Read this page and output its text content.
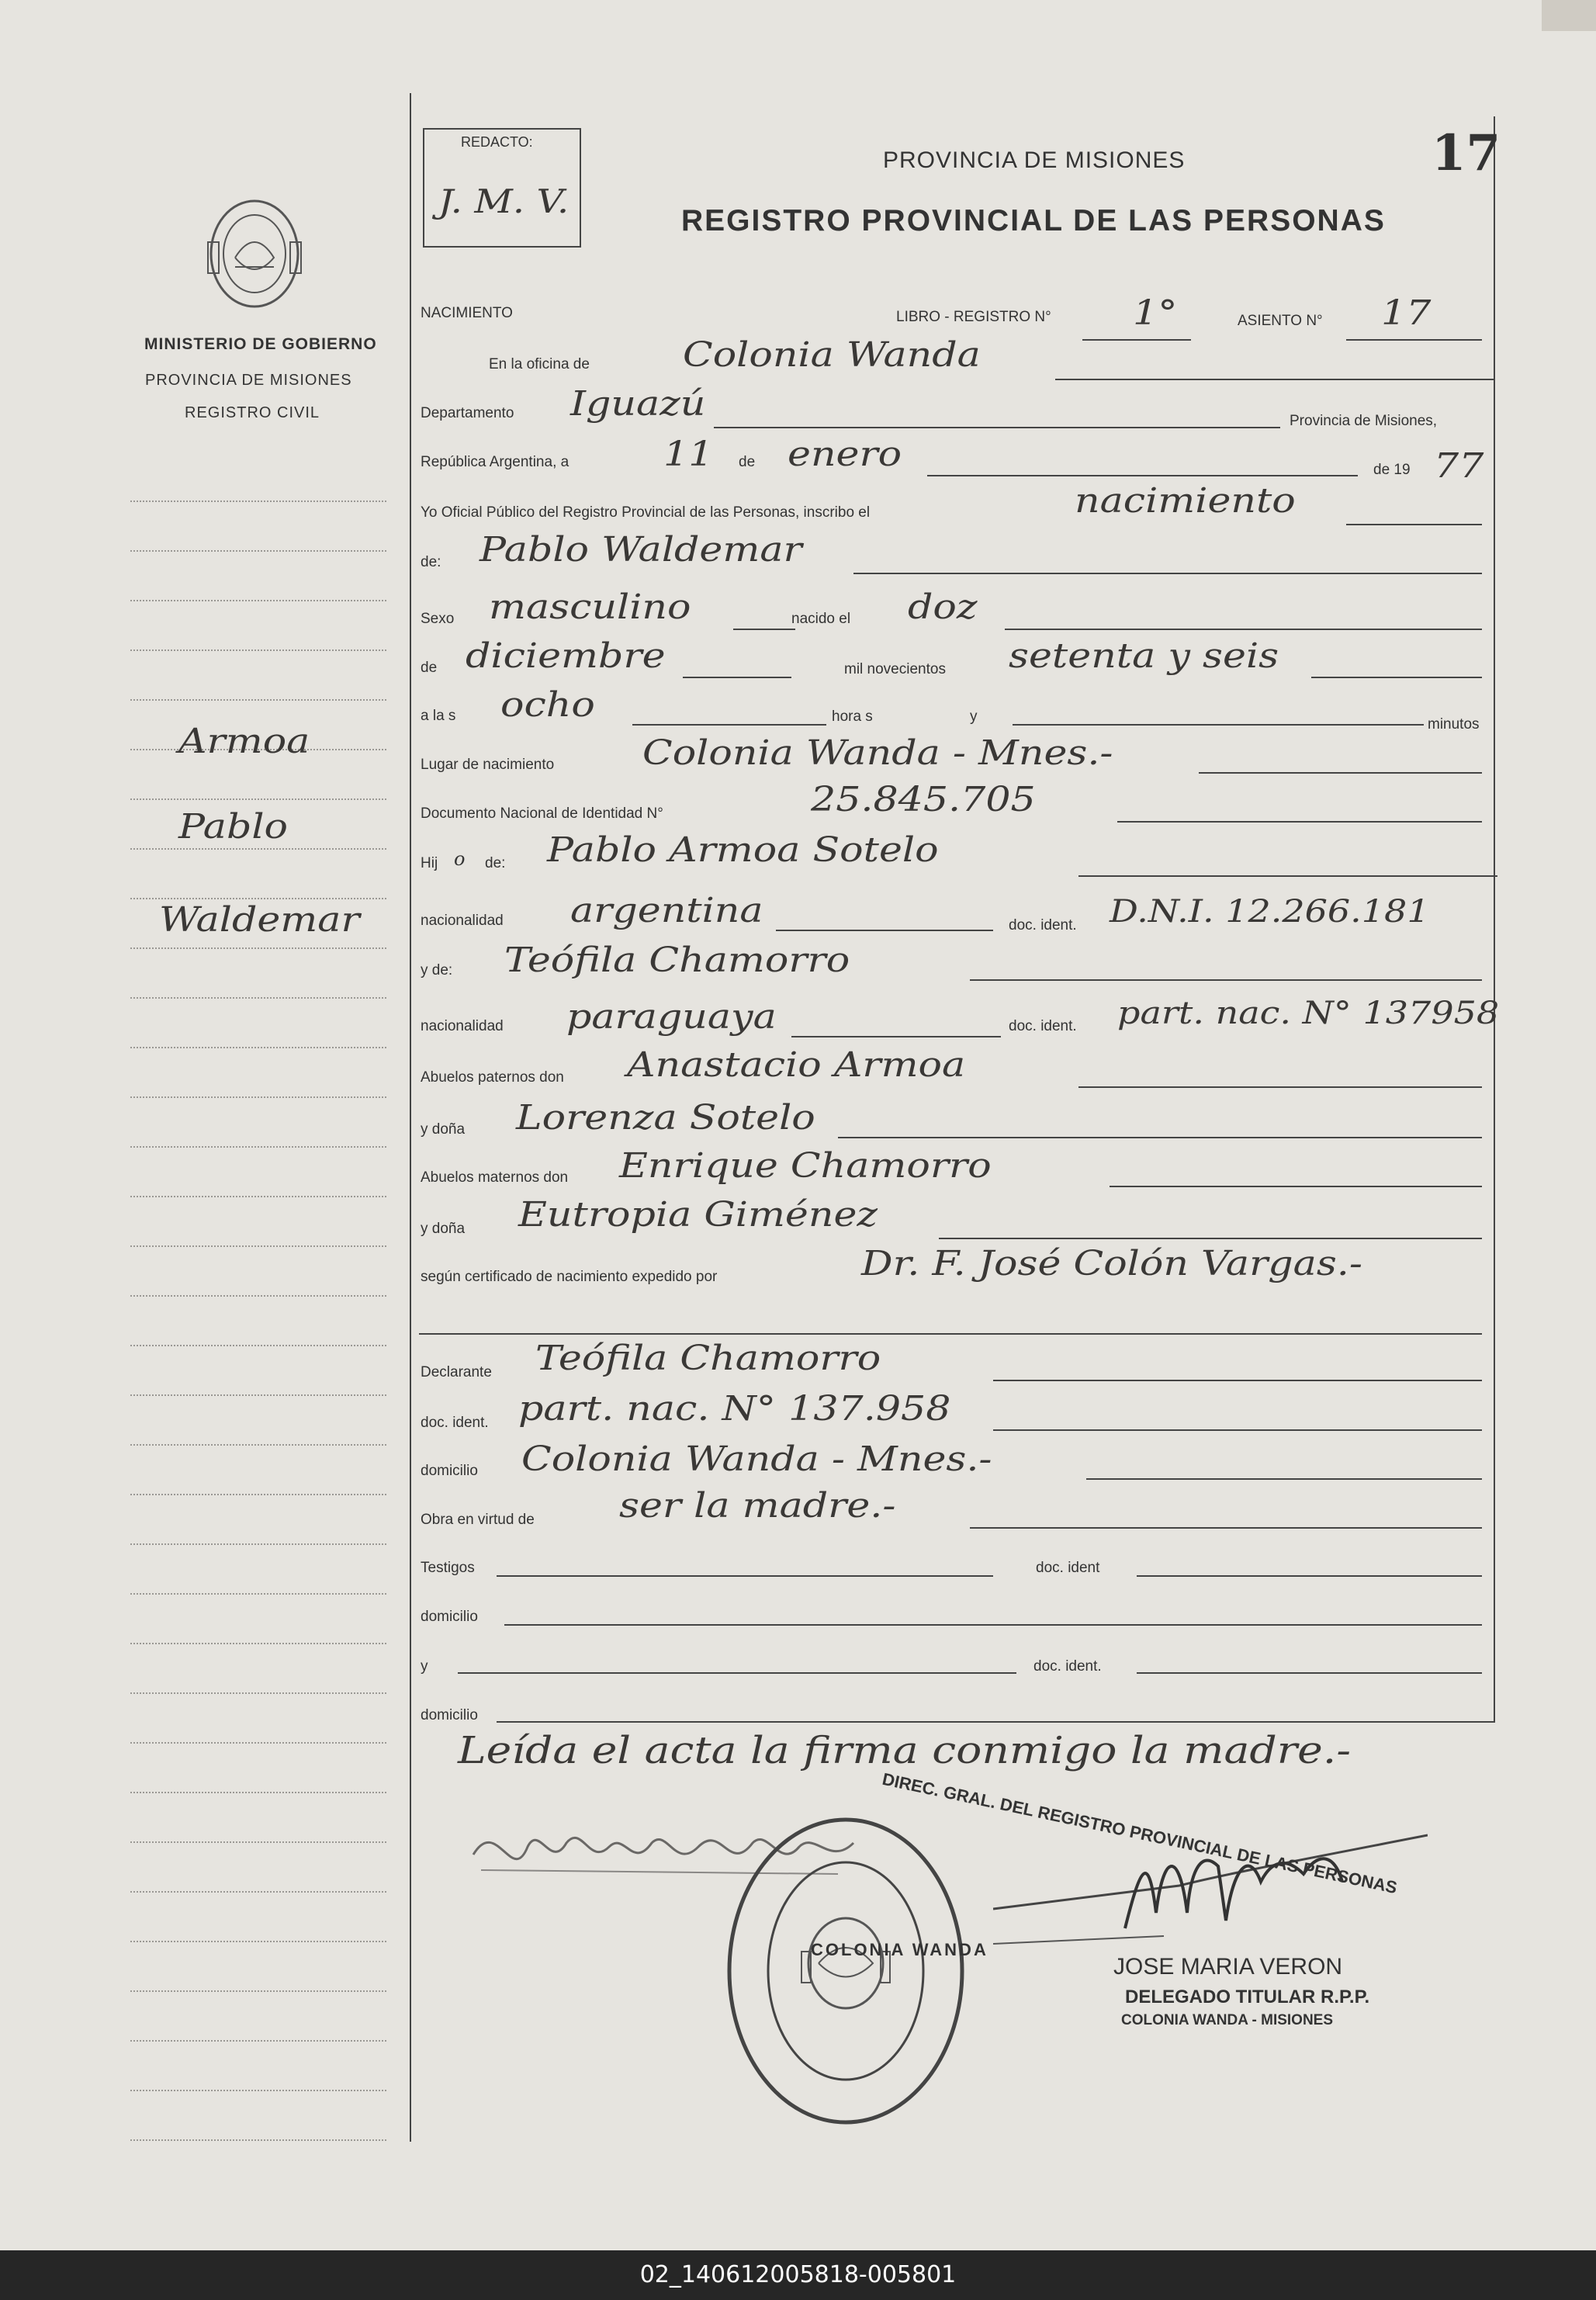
MINISTERIO DE GOBIERNO
PROVINCIA DE MISIONES
REGISTRO CIVIL
Armoa
Pablo
Waldemar
REDACTO:
J. M. V.
PROVINCIA DE MISIONES
REGISTRO PROVINCIAL DE LAS PERSONAS
17
NACIMIENTO	LIBRO - REGISTRO N° 1°	ASIENTO N° 17
En la oficina de	Colonia Wanda
Departamento Iguazú	Provincia de Misiones,
República Argentina, a	11 de enero	de 19 77
Yo Oficial Público del Registro Provincial de las Personas, inscribo el	nacimiento
de: Pablo Waldemar
Sexo masculino	nacido el doz
de diciembre	mil novecientos setenta y seis
a la s ocho	hora s	y	minutos
Lugar de nacimiento	Colonia Wanda - Mnes.-
Documento Nacional de Identidad N°	25.845.705
Hij o de: Pablo Armoa Sotelo
nacionalidad argentina	doc. ident. D.N.I. 12.266.181
y de: Teófila Chamorro
nacionalidad paraguaya	doc. ident. part. nac. N° 137958
Abuelos paternos don Anastacio Armoa
y doña Lorenza Sotelo
Abuelos maternos don Enrique Chamorro
y doña Eutropia Giménez
según certificado de nacimiento expedido por	Dr. F. José Colón Vargas.-
Declarante Teófila Chamorro
doc. ident. part. nac. N° 137.958
domicilio Colonia Wanda - Mnes.-
Obra en virtud de ser la madre.-
Testigos	doc. ident
domicilio
y	doc. ident.
domicilio
Leída el acta la firma conmigo la madre.-
DIREC. GRAL. DEL REGISTRO PROVINCIAL DE LAS PERSONAS
COLONIA WANDA
JOSE MARIA VERON
DELEGADO TITULAR R.P.P.
COLONIA WANDA - MISIONES
02_140612005818-005801
